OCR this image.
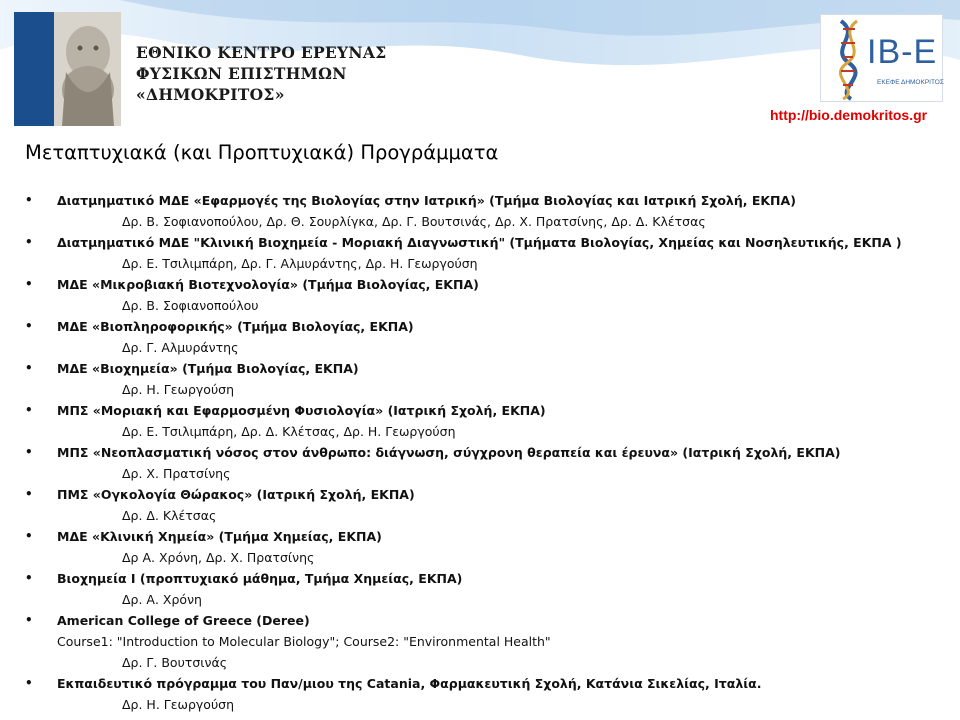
ΕΘΝΙΚΟ ΚΕΝΤΡΟ ΕΡΕΥΝΑΣ
ΦΥΣΙΚΩΝ ΕΠΙΣΤΗΜΩΝ
«ΔΗΜΟΚΡΙΤΟΣ»
IB-E
ΕΚΕΦΕ ΔΗΜΟΚΡΙΤΟΣ
http://bio.demokritos.gr
Μεταπτυχιακά (και Προπτυχιακά) Προγράμματα
• Διατμηματικό ΜΔΕ «Εφαρμογές της Βιολογίας στην Ιατρική» (Τμήμα Βιολογίας και Ιατρική Σχολή, ΕΚΠΑ)
Δρ. Β. Σοφιανοπούλου, Δρ. Θ. Σουρλίγκα, Δρ. Γ. Βουτσινάς, Δρ. Χ. Πρατσίνης, Δρ. Δ. Κλέτσας
• Διατμηματικό ΜΔΕ "Κλινική Βιοχημεία - Μοριακή Διαγνωστική" (Τμήματα Βιολογίας, Χημείας και Νοσηλευτικής, ΕΚΠΑ )
Δρ. Ε. Τσιλιμπάρη, Δρ. Γ. Αλμυράντης, Δρ. Η. Γεωργούση
• ΜΔΕ «Μικροβιακή Βιοτεχνολογία» (Τμήμα Βιολογίας, ΕΚΠΑ)
Δρ. Β. Σοφιανοπούλου
• ΜΔΕ «Βιοπληροφορικής» (Τμήμα Βιολογίας, ΕΚΠΑ)
Δρ. Γ. Αλμυράντης
• ΜΔΕ «Βιοχημεία» (Τμήμα Βιολογίας, ΕΚΠΑ)
Δρ. Η. Γεωργούση
• ΜΠΣ «Μοριακή και Εφαρμοσμένη Φυσιολογία» (Ιατρική Σχολή, ΕΚΠΑ)
Δρ. Ε. Τσιλιμπάρη, Δρ. Δ. Κλέτσας, Δρ. Η. Γεωργούση
• ΜΠΣ «Νεοπλασματική νόσος στον άνθρωπο: διάγνωση, σύγχρονη θεραπεία και έρευνα» (Ιατρική Σχολή, ΕΚΠΑ)
Δρ. Χ. Πρατσίνης
• ΠΜΣ «Ογκολογία Θώρακος» (Ιατρική Σχολή, ΕΚΠΑ)
Δρ. Δ. Κλέτσας
• ΜΔΕ «Κλινική Χημεία» (Τμήμα Χημείας, ΕΚΠΑ)
Δρ Α. Χρόνη, Δρ. Χ. Πρατσίνης
• Βιοχημεία Ι (προπτυχιακό μάθημα, Τμήμα Χημείας, ΕΚΠΑ)
Δρ. Α. Χρόνη
• American College of Greece (Deree)
Course1: "Introduction to Molecular Biology"; Course2: "Environmental Health"
Δρ. Γ. Βουτσινάς
• Εκπαιδευτικό πρόγραμμα του Παν/μιου της Catania, Φαρμακευτική Σχολή, Κατάνια Σικελίας, Ιταλία.
Δρ. Η. Γεωργούση
